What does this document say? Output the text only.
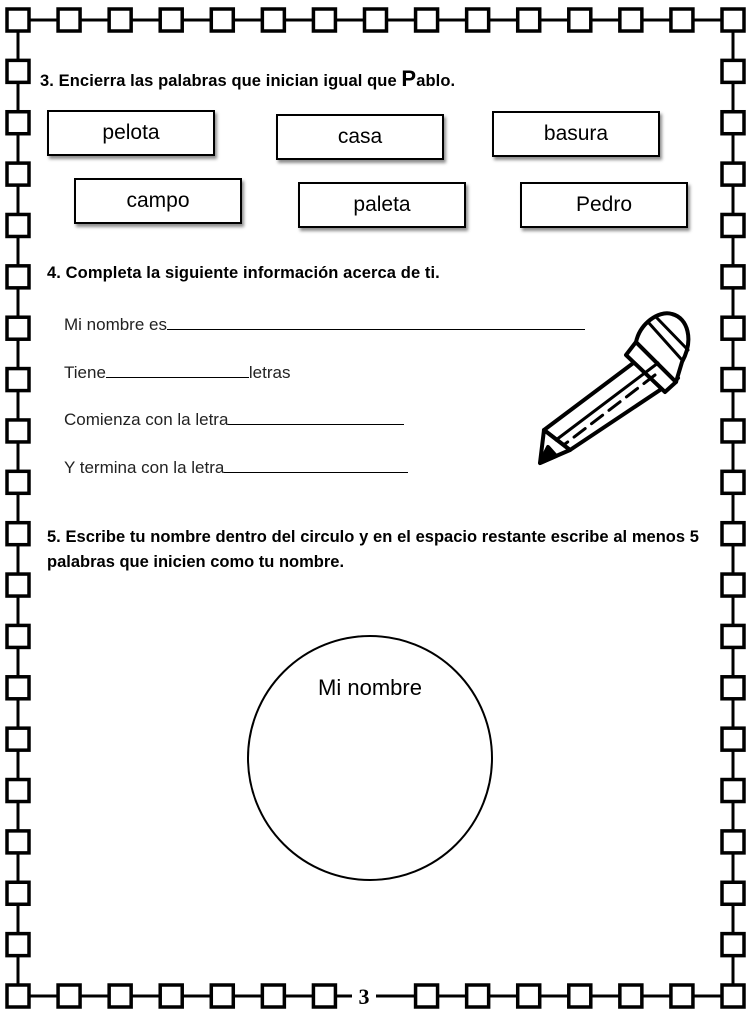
3. Encierra las palabras que inician igual que Pablo.
pelota	casa	basura
campo	paleta	Pedro
4. Completa la siguiente información acerca de ti.
Mi nombre es
Tiene	letras
Comienza con la letra
Y termina con la letra
5. Escribe tu nombre dentro del circulo y en el espacio restante escribe al menos 5 palabras que inicien como tu nombre.
Mi nombre
3
